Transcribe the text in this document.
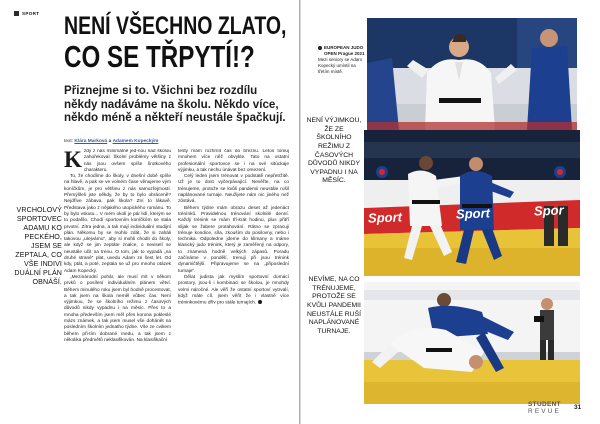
SPORT NENÍ VŠECHNO ZLATO,
CO SE TŘPYTÍ!?

Přiznejme si to. Všichni bez rozdílu někdy nadáváme na školu. Někdo více, někdo méně a někteří neustále špačkují.

text: Klára Marková a Adamem Kopeckým
VRCHOLOVÝ SPORTOVEC ADAMU KO PECKÉHO, JSEM SE ZEPTALA, CO VŠE INDIVI DUÁLNÍ PLÁN OBNÁŠÍ.

Kždy z nás minimálně jed-nou nad školou zahořekoval. Školní problémy většiny z nás jsou ovšem spíše šrotkového charakteru.

To, že chodíme do školy, v dnešní době spíše na hlavě, a pak se ve volném čase věnujeme vým koníčkům, je pro většinu z nás samozřejmostí. Přemýšleli jste někdy, že by to bylo obráceně? Nejdříve zábava, pak škola? Zní to lákavě. Představa jako z nějakého utopického románu. To by bylo vskutu... V mém okolí je pár lidí, kterým se to podařilo. Chodí sportovním koníčkům se stala prvotní. Zítra jedna, a tak mají individuální studijní plán. Někomu by se mohlo zdát, že si zaháli takovou „ulejvárnu“, aby si mohli chodit do školy, ale když se jim zeptáte znalce, o neviselí se neustále učit na trenu. O tom, jak to vypadá „na druhé straně“ plat, uvedu Adam ze šest let. Od kdy, ptát, a poté, zeptala se už pro mnoho otázek Adam Kopecký.

„Mezinárodní pohár, ale musí mít v někom prvků o posílení individuálním plánem větví. Během minulého roku jsem byl hodně procestovat, a tak jsem na škola neměl vůbec čas. Není výjimkou, že se školního režimu z časových důvodů nikdy vypadnu i na měsíc. Přes to a mnoha především jsem měl přes korona pokleslé mázs známek, a tak jsem musel vše dohánět na posledním školním jednatho týdne. Vše ze cvikem během při-tím dobrané medu, a tak jsem z několika předmětů neklasifikován. Na klasifikační

testy mám rozhrnit čas do březnu. Letos tomuj mnohem více něž obvykle. Tato na ostatní profesionální sportovce se i na své sitúckaje výjimku, a tak nechu únávat bez omezení.

Celý leden jsem trénovat v podstatě nepřetržitě. Už je to dost vyčerpávající. Nevěřte, na co trénujeme, protože se kvůli pandemii neustále rušil naplánované turnaje. Neužijete nám nic jiného než zůstává.

Během týdne mám obrazu deset až jedenáct trénínků. Pravidelnou trénování skolnilé denní. Každý trénink se mám tří-krát hodinu, plus přitří slijak se žabere protahování. Rátno se zpracuji trénuje kondice, síla, zkouším do posilovny, nebo i technika. Odpoledne jdeme do klimany a máme klasický judo trénink, který je zaměřený na odpory, to znamená hodně velkých zápasů. Poradu začínáme v pondělí, trenuji při jsou trénink dynamičtější. Připravujeme se na „připoslední turnaje“.

Dělat judista jak myslím sportovní domácí prostory, jsou-li i kombinaci se školou, je mnohdy velmi náročné. Ale věří že ostatní sportoví vytrvalí, když máte cíl, jsem věřit že i vlastně více tréninkovému dřív pro stále turnajích.

EUROPEAN JUDO OPEN Prague 2021
Mezi seniory se Adam Kopecký umístil na třetím místě.
Sport	Sport	Spor
NENÍ VÝJIMKOU, ŽE ZE ŠKOLNÍHO REŽIMU Z ČASOVÝCH DŮVODŮ NIKDY VYPADNU I NA MĚSÍC.
NEVÍME, NA CO TRÉNUJEME, PROTOŽE SE KVŮLI PANDEMII NEUSTÁLE RUŠÍ NAPLÁNOVANÉ TURNAJE.
STUDENT
REVUE
31
